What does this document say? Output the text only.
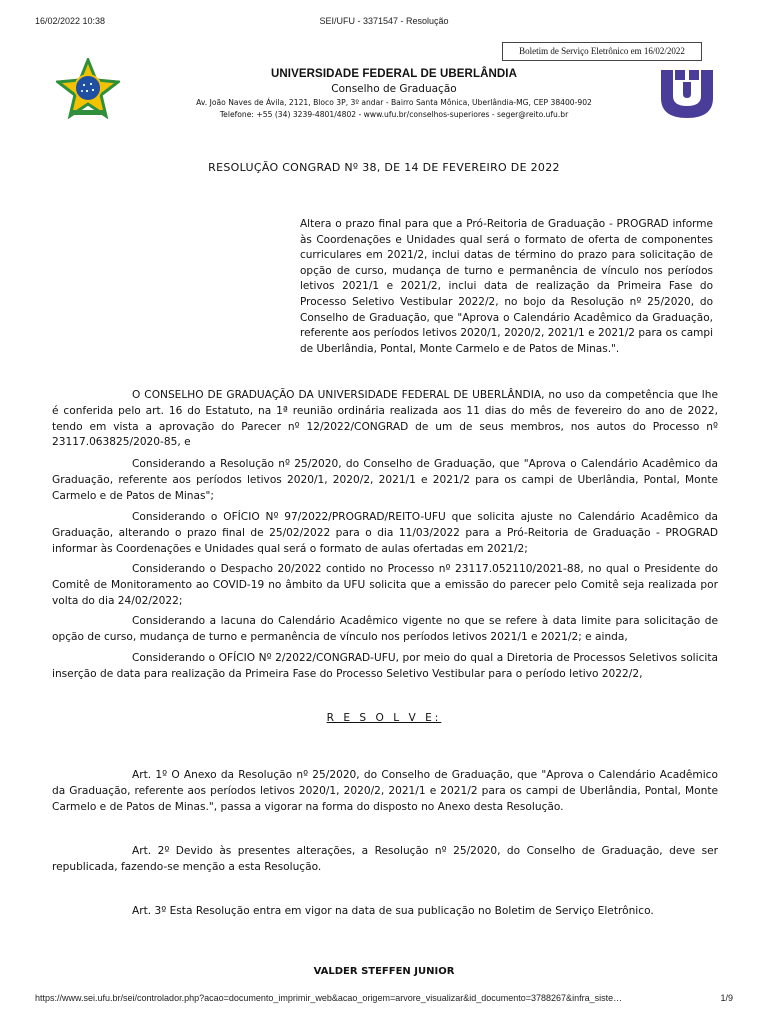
16/02/2022 10:38	SEI/UFU - 3371547 - Resolução
Boletim de Serviço Eletrônico em 16/02/2022
UNIVERSIDADE FEDERAL DE UBERLÂNDIA
Conselho de Graduação
Av. João Naves de Ávila, 2121, Bloco 3P, 3º andar - Bairro Santa Mônica, Uberlândia-MG, CEP 38400-902
Telefone: +55 (34) 3239-4801/4802 - www.ufu.br/conselhos-superiores - seger@reito.ufu.br
RESOLUÇÃO CONGRAD Nº 38, DE 14 DE FEVEREIRO DE 2022
Altera o prazo final para que a Pró-Reitoria de Graduação - PROGRAD informe às Coordenações e Unidades qual será o formato de oferta de componentes curriculares em 2021/2, inclui datas de término do prazo para solicitação de opção de curso, mudança de turno e permanência de vínculo nos períodos letivos 2021/1 e 2021/2, inclui data de realização da Primeira Fase do Processo Seletivo Vestibular 2022/2, no bojo da Resolução nº 25/2020, do Conselho de Graduação, que "Aprova o Calendário Acadêmico da Graduação, referente aos períodos letivos 2020/1, 2020/2, 2021/1 e 2021/2 para os campi de Uberlândia, Pontal, Monte Carmelo e de Patos de Minas.".

O CONSELHO DE GRADUAÇÃO DA UNIVERSIDADE FEDERAL DE UBERLÂNDIA, no uso da competência que lhe é conferida pelo art. 16 do Estatuto, na 1ª reunião ordinária realizada aos 11 dias do mês de fevereiro do ano de 2022, tendo em vista a aprovação do Parecer nº 12/2022/CONGRAD de um de seus membros, nos autos do Processo nº 23117.063825/2020-85, e

Considerando a Resolução nº 25/2020, do Conselho de Graduação, que "Aprova o Calendário Acadêmico da Graduação, referente aos períodos letivos 2020/1, 2020/2, 2021/1 e 2021/2 para os campi de Uberlândia, Pontal, Monte Carmelo e de Patos de Minas";

Considerando o OFÍCIO Nº 97/2022/PROGRAD/REITO-UFU que solicita ajuste no Calendário Acadêmico da Graduação, alterando o prazo final de 25/02/2022 para o dia 11/03/2022 para a Pró-Reitoria de Graduação - PROGRAD informar às Coordenações e Unidades qual será o formato de aulas ofertadas em 2021/2;

Considerando o Despacho 20/2022 contido no Processo nº 23117.052110/2021-88, no qual o Presidente do Comitê de Monitoramento ao COVID-19 no âmbito da UFU solicita que a emissão do parecer pelo Comitê seja realizada por volta do dia 24/02/2022;

Considerando a lacuna do Calendário Acadêmico vigente no que se refere à data limite para solicitação de opção de curso, mudança de turno e permanência de vínculo nos períodos letivos 2021/1 e 2021/2; e ainda,

Considerando o OFÍCIO Nº 2/2022/CONGRAD-UFU, por meio do qual a Diretoria de Processos Seletivos solicita inserção de data para realização da Primeira Fase do Processo Seletivo Vestibular para o período letivo 2022/2,

R E S O L V E:

Art. 1º O Anexo da Resolução nº 25/2020, do Conselho de Graduação, que "Aprova o Calendário Acadêmico da Graduação, referente aos períodos letivos 2020/1, 2020/2, 2021/1 e 2021/2 para os campi de Uberlândia, Pontal, Monte Carmelo e de Patos de Minas.", passa a vigorar na forma do disposto no Anexo desta Resolução.

Art. 2º Devido às presentes alterações, a Resolução nº 25/2020, do Conselho de Graduação, deve ser republicada, fazendo-se menção a esta Resolução.

Art. 3º Esta Resolução entra em vigor na data de sua publicação no Boletim de Serviço Eletrônico.

VALDER STEFFEN JUNIOR
https://www.sei.ufu.br/sei/controlador.php?acao=documento_imprimir_web&acao_origem=arvore_visualizar&id_documento=3788267&infra_siste…	1/9
